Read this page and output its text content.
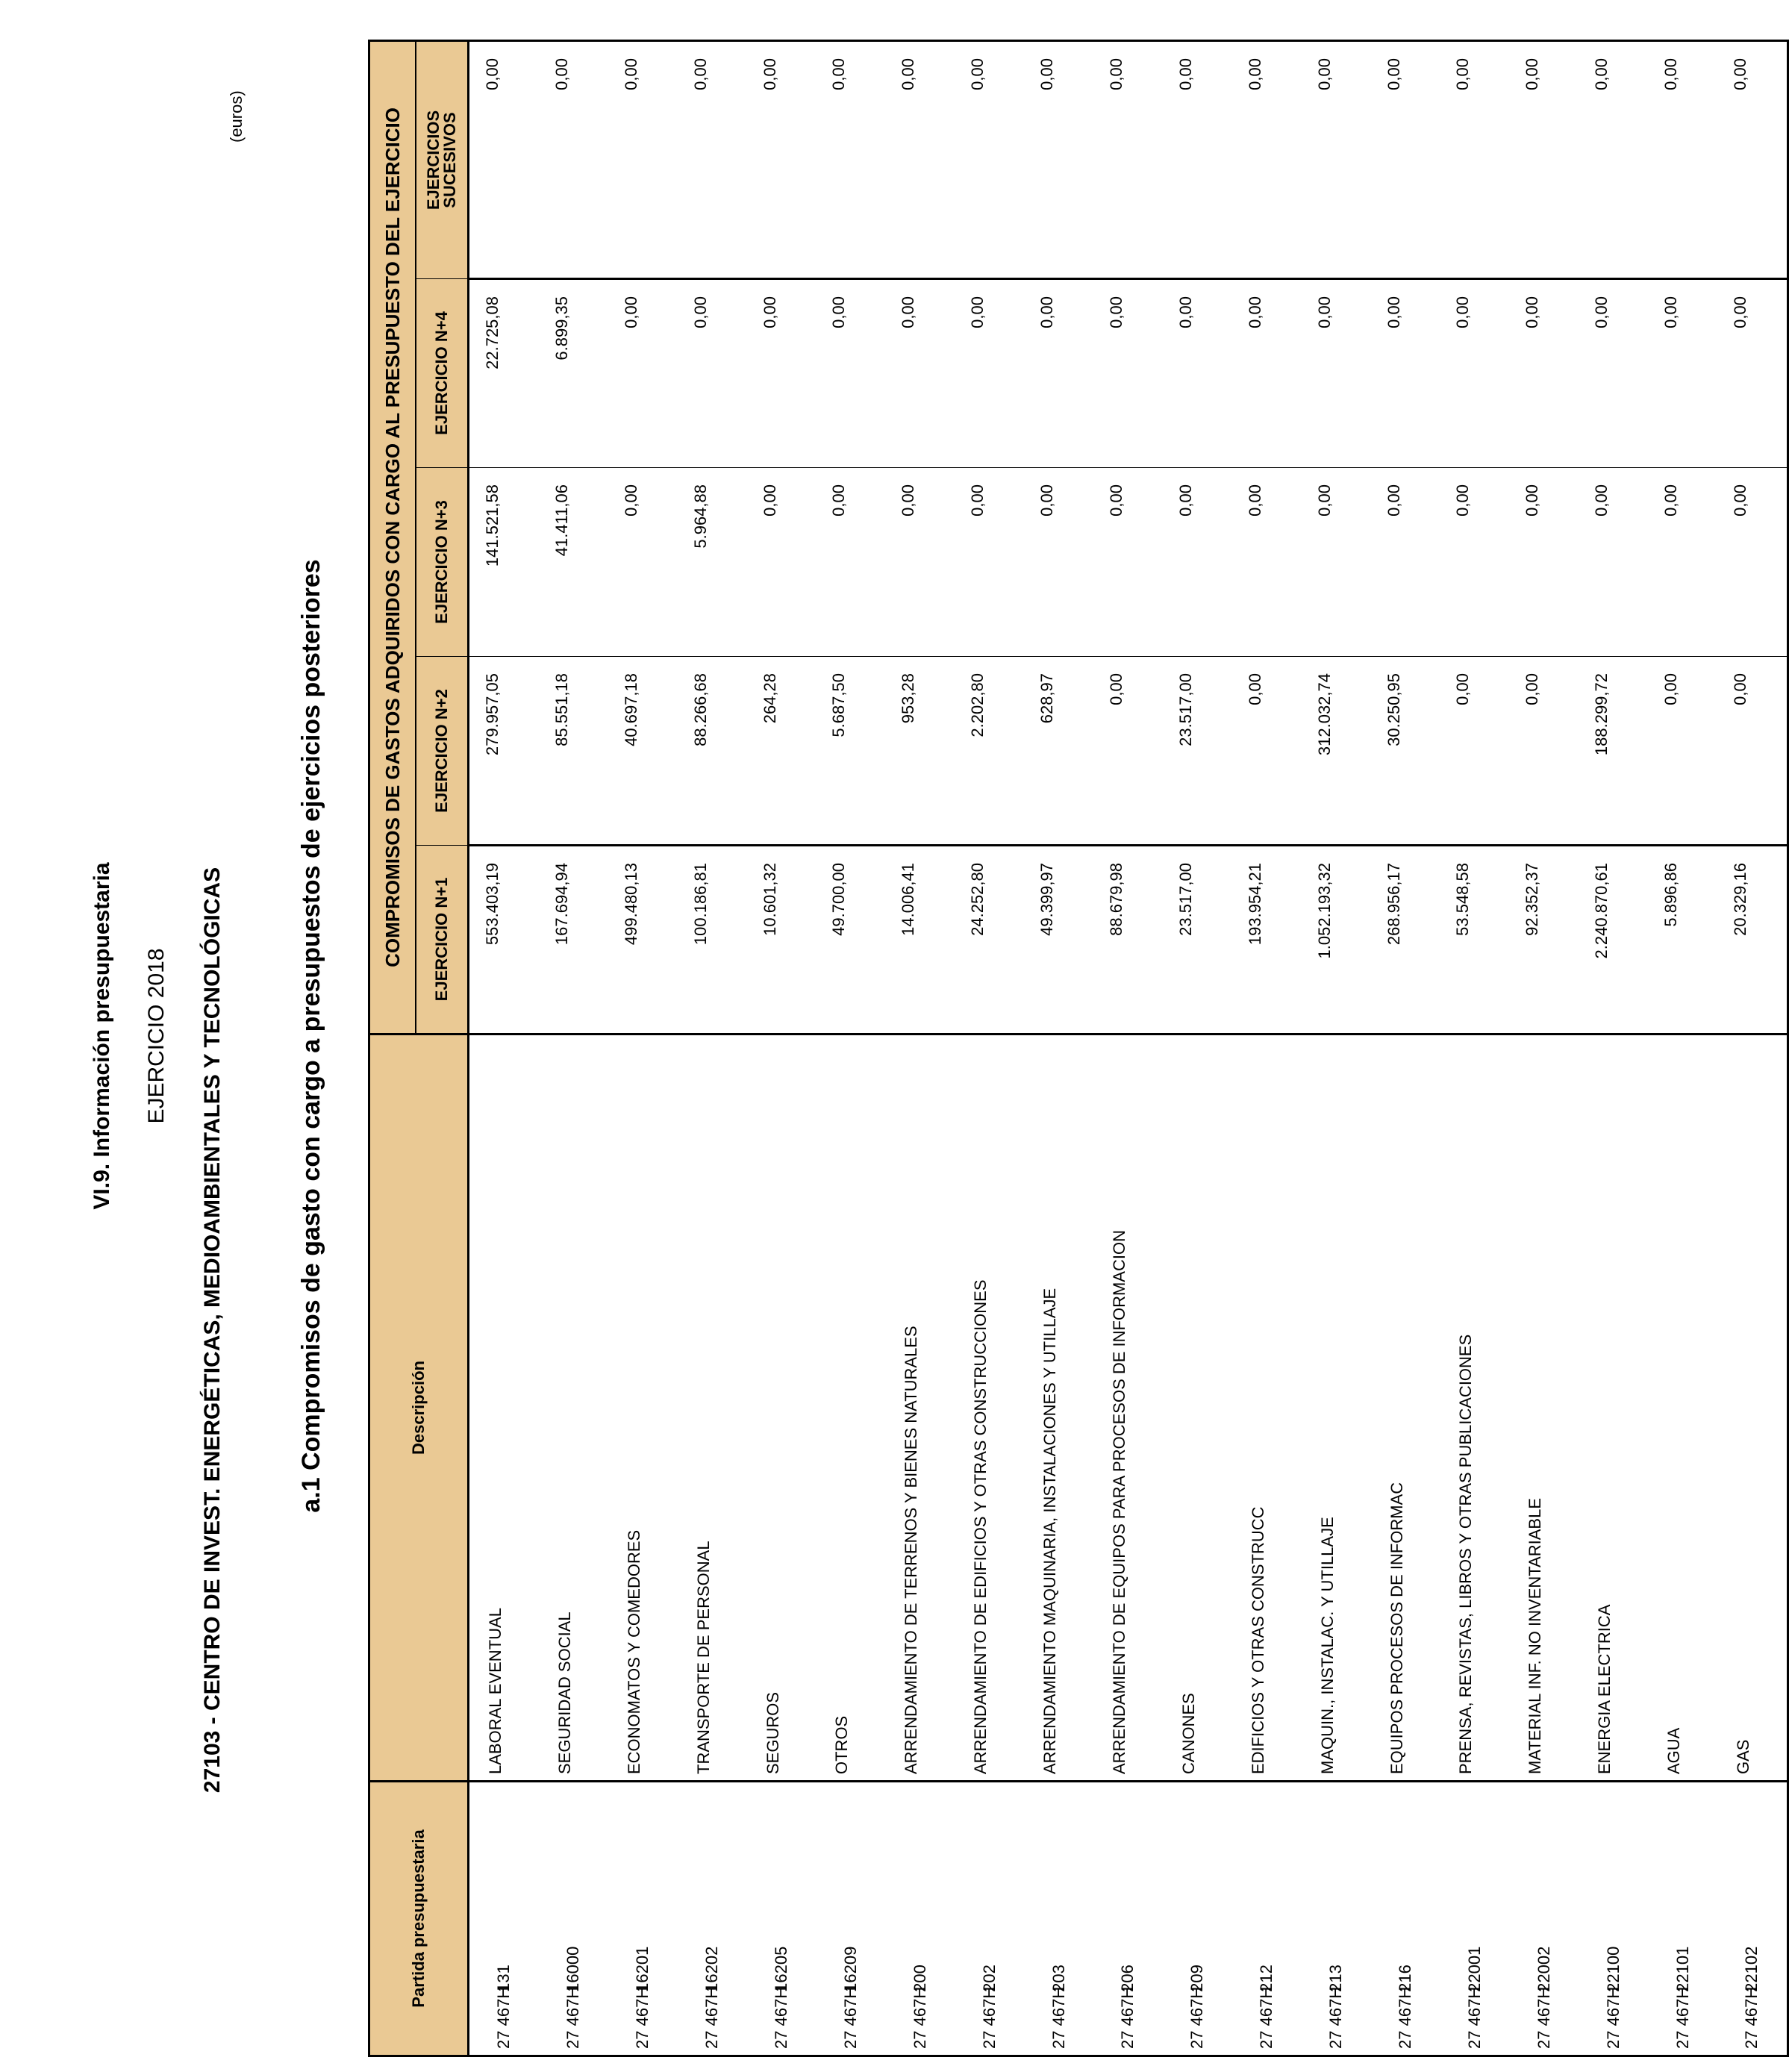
VI.9. Información presupuestaria EJERCICIO 2018 27103 - CENTRO DE INVEST. ENERGÉTICAS, MEDIOAMBIENTALES Y TECNOLÓGICAS	a.1 Compromisos de gasto con cargo a presupuestos de ejercicios posteriores
(euros)
Partida presupuestaria	Descripción	COMPROMISOS DE GASTOS ADQUIRIDOS CON CARGO AL PRESUPUESTO DEL EJERCICIO				
		EJERCICIO N+1	EJERCICIO N+2	EJERCICIO N+3	EJERCICIO N+4	EJERCICIOS
SUCESIVOS

27 467H 131	LABORAL EVENTUAL	553.403,19	279.957,05	141.521,58	22.725,08	0,00
27 467H 16000	SEGURIDAD SOCIAL	167.694,94	85.551,18	41.411,06	6.899,35	0,00
27 467H 16201	ECONOMATOS Y COMEDORES	499.480,13	40.697,18	0,00	0,00	0,00
27 467H 16202	TRANSPORTE DE PERSONAL	100.186,81	88.266,68	5.964,88	0,00	0,00
27 467H 16205	SEGUROS	10.601,32	264,28	0,00	0,00	0,00
27 467H 16209	OTROS	49.700,00	5.687,50	0,00	0,00	0,00
27 467H 200	ARRENDAMIENTO DE TERRENOS Y BIENES NATURALES	14.006,41	953,28	0,00	0,00	0,00
27 467H 202	ARRENDAMIENTO DE EDIFICIOS Y OTRAS CONSTRUCCIONES	24.252,80	2.202,80	0,00	0,00	0,00
27 467H 203	ARRENDAMIENTO MAQUINARIA, INSTALACIONES Y UTILLAJE	49.399,97	628,97	0,00	0,00	0,00
27 467H 206	ARRENDAMIENTO DE EQUIPOS PARA PROCESOS DE INFORMACION	88.679,98	0,00	0,00	0,00	0,00
27 467H 209	CANONES	23.517,00	23.517,00	0,00	0,00	0,00
27 467H 212	EDIFICIOS Y OTRAS CONSTRUCC	193.954,21	0,00	0,00	0,00	0,00
27 467H 213	MAQUIN., INSTALAC. Y UTILLAJE	1.052.193,32	312.032,74	0,00	0,00	0,00
27 467H 216	EQUIPOS PROCESOS DE INFORMAC	268.956,17	30.250,95	0,00	0,00	0,00
27 467H 22001	PRENSA, REVISTAS, LIBROS Y OTRAS PUBLICACIONES	53.548,58	0,00	0,00	0,00	0,00
27 467H 22002	MATERIAL INF. NO INVENTARIABLE	92.352,37	0,00	0,00	0,00	0,00
27 467H 22100	ENERGIA ELECTRICA	2.240.870,61	188.299,72	0,00	0,00	0,00
27 467H 22101	AGUA	5.896,86	0,00	0,00	0,00	0,00
27 467H 22102	GAS	20.329,16	0,00	0,00	0,00	0,00
